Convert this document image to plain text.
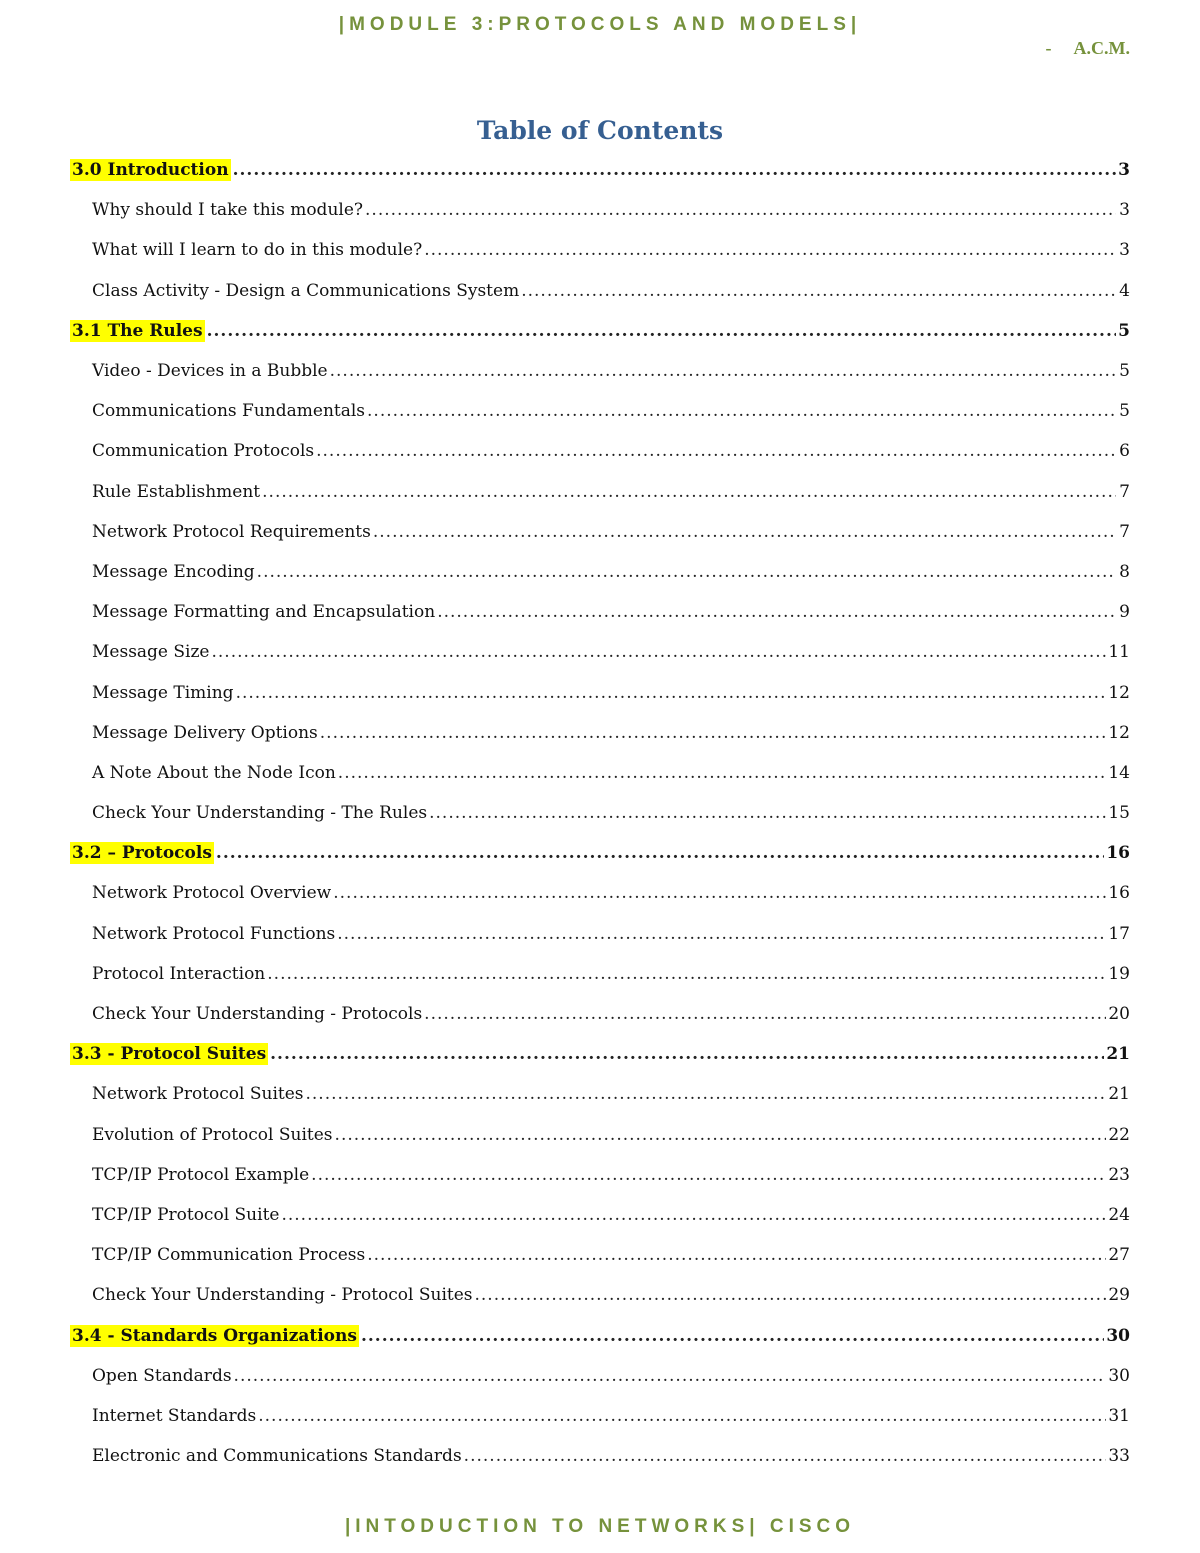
|MODULE 3:PROTOCOLS AND MODELS|
- A.C.M.
Table of Contents
3.0 Introduction .....	3
Why should I take this module? .....	3
What will I learn to do in this module? .....	3
Class Activity - Design a Communications System .....	4
3.1 The Rules .....	5
Video - Devices in a Bubble .....	5
Communications Fundamentals .....	5
Communication Protocols .....	6
Rule Establishment .....	7
Network Protocol Requirements .....	7
Message Encoding .....	8
Message Formatting and Encapsulation .....	9
Message Size .....	11
Message Timing .....	12
Message Delivery Options .....	12
A Note About the Node Icon .....	14
Check Your Understanding - The Rules .....	15
3.2 – Protocols .....	16
Network Protocol Overview .....	16
Network Protocol Functions .....	17
Protocol Interaction .....	19
Check Your Understanding - Protocols .....	20
3.3 - Protocol Suites .....	21
Network Protocol Suites .....	21
Evolution of Protocol Suites .....	22
TCP/IP Protocol Example .....	23
TCP/IP Protocol Suite .....	24
TCP/IP Communication Process .....	27
Check Your Understanding - Protocol Suites .....	29
3.4 - Standards Organizations .....	30
Open Standards .....	30
Internet Standards .....	31
Electronic and Communications Standards .....	33
|INTODUCTION TO NETWORKS| CISCO
